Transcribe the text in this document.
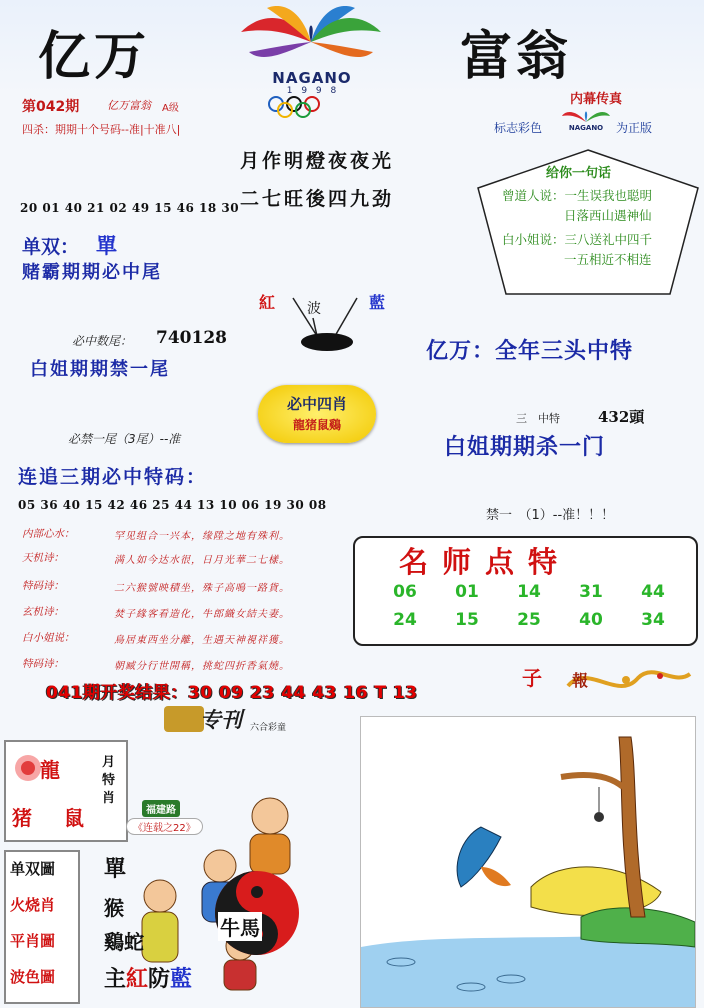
亿万	富翁
NAGANO
1 9 9 8
第042期	亿万富翁 A级
四杀：期期十个号码--准|十准八|
月作明燈夜夜光
二七旺後四九劲
内幕传真
标志彩色	NAGANO	为正版
给你一句话
曾道人说：一生误我也聪明
日落西山遇神仙
白小姐说：三八送礼中四千
一五相近不相连
20 01 40 21 02 49 15 46 18 30
单双： 單
赌霸期期必中尾
必中数尾： 740128
白姐期期禁一尾
紅 波	藍
亿万：全年三头中特
必中四肖
龍猪鼠鷄
必禁一尾（3尾）--准
三　中特	432頭
白姐期期杀一门
连追三期必中特码：
05 36 40 15 42 46 25 44 13 10 06 19 30 08
禁一　（1）--准！！！
内部心水：	罕见组合一兴本，缘陞之地有殊利。
天机诗：	满人如今达水很，日月光華二七樣。
特码诗：	二六猴號映積坐，殊子高鳴一路貨。
玄机诗：	焚子緣客看造化，牛郎織女結夫妻。
白小姐说：	鳥居東西坐分離，生遇天神視祥獲。
特码诗：	朝臧分行世開稱，挑蛇四折香氣燒。
名师点特
06	01	14	31	44
24	15	25	40	34
041期开奖结果：30 09 23 44 43 16 T 13
子 報
专刊 六合彩童
龍
猪 鼠
月特肖
福建路
《连载之22》
单双圖
火烧肖
平肖圖
波色圖
單
猴
鷄蛇
牛馬
主紅防藍
